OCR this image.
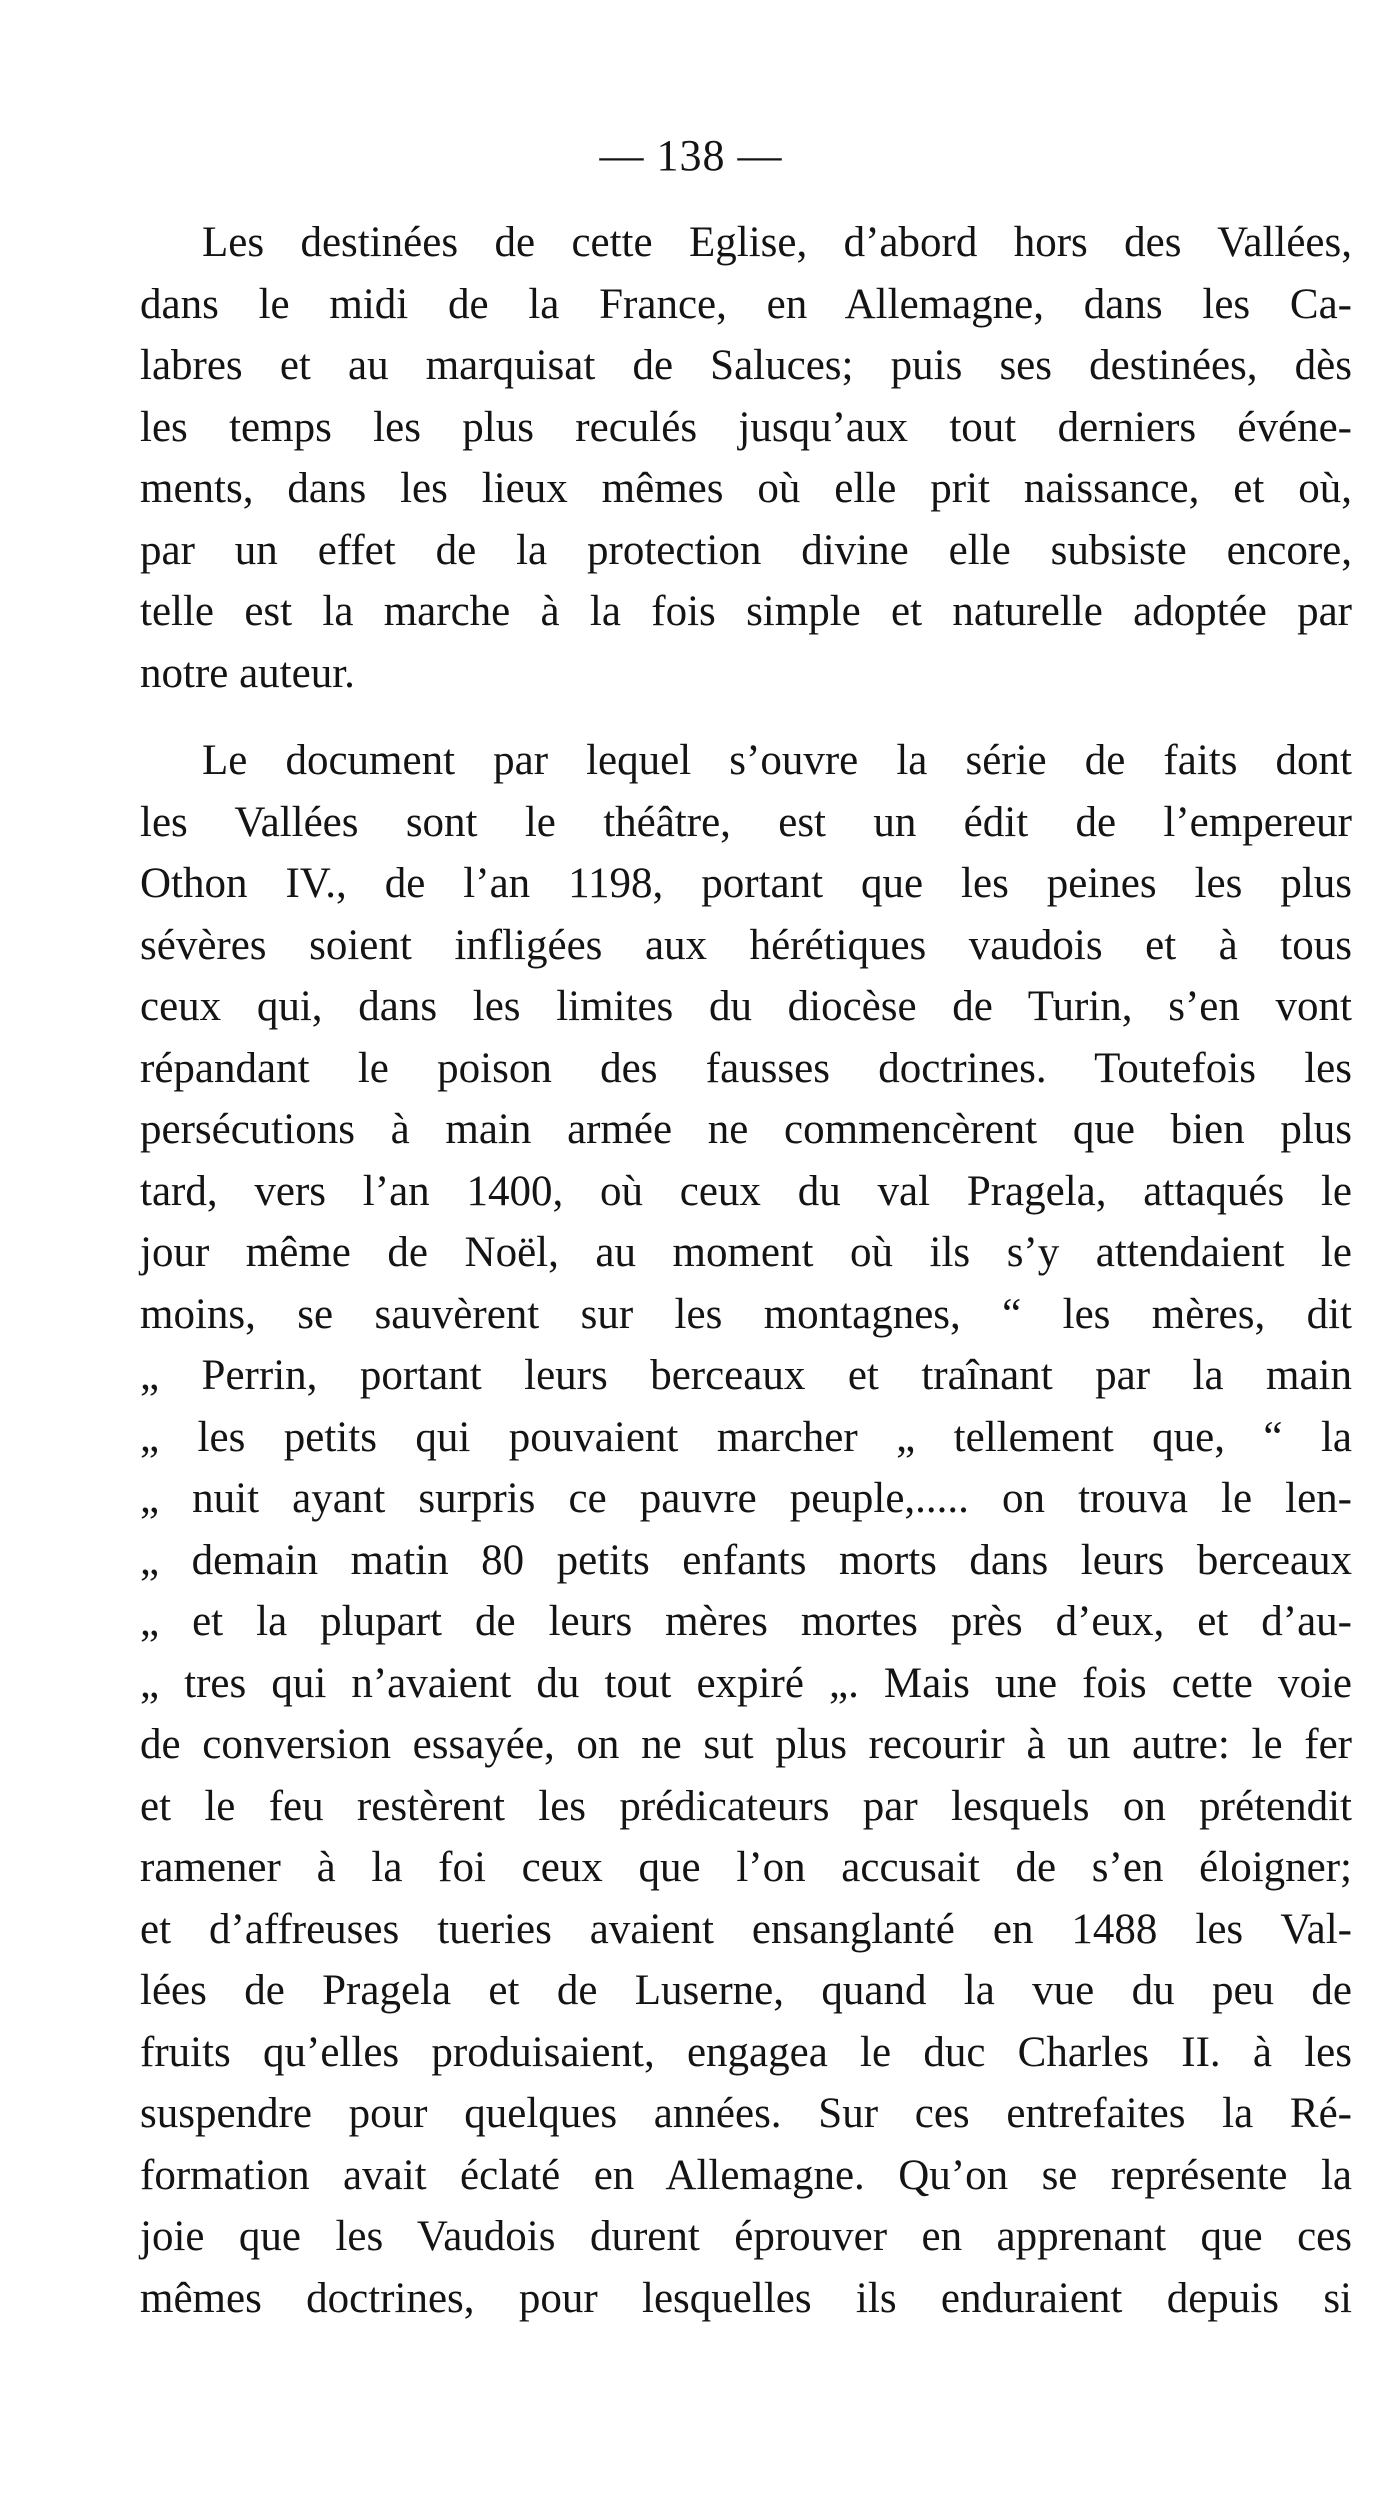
— 138 —
Les destinées de cette Eglise, d’abord hors des Vallées,
dans le midi de la France, en Allemagne, dans les Ca-
labres et au marquisat de Saluces; puis ses destinées, dès
les temps les plus reculés jusqu’aux tout derniers événe-
ments, dans les lieux mêmes où elle prit naissance, et où,
par un effet de la protection divine elle subsiste encore,
telle est la marche à la fois simple et naturelle adoptée par
notre auteur.
Le document par lequel s’ouvre la série de faits dont
les Vallées sont le théâtre, est un édit de l’empereur
Othon IV., de l’an 1198, portant que les peines les plus
sévères soient infligées aux hérétiques vaudois et à tous
ceux qui, dans les limites du diocèse de Turin, s’en vont
répandant le poison des fausses doctrines. Toutefois les
persécutions à main armée ne commencèrent que bien plus
tard, vers l’an 1400, où ceux du val Pragela, attaqués le
jour même de Noël, au moment où ils s’y attendaient le
moins, se sauvèrent sur les montagnes, “ les mères, dit
„ Perrin, portant leurs berceaux et traînant par la main
„ les petits qui pouvaient marcher „ tellement que, “ la
„ nuit ayant surpris ce pauvre peuple,..... on trouva le len-
„ demain matin 80 petits enfants morts dans leurs berceaux
„ et la plupart de leurs mères mortes près d’eux, et d’au-
„ tres qui n’avaient du tout expiré „. Mais une fois cette voie
de conversion essayée, on ne sut plus recourir à un autre: le fer
et le feu restèrent les prédicateurs par lesquels on prétendit
ramener à la foi ceux que l’on accusait de s’en éloigner;
et d’affreuses tueries avaient ensanglanté en 1488 les Val-
lées de Pragela et de Luserne, quand la vue du peu de
fruits qu’elles produisaient, engagea le duc Charles II. à les
suspendre pour quelques années. Sur ces entrefaites la Ré-
formation avait éclaté en Allemagne. Qu’on se représente la
joie que les Vaudois durent éprouver en apprenant que ces
mêmes doctrines, pour lesquelles ils enduraient depuis si
